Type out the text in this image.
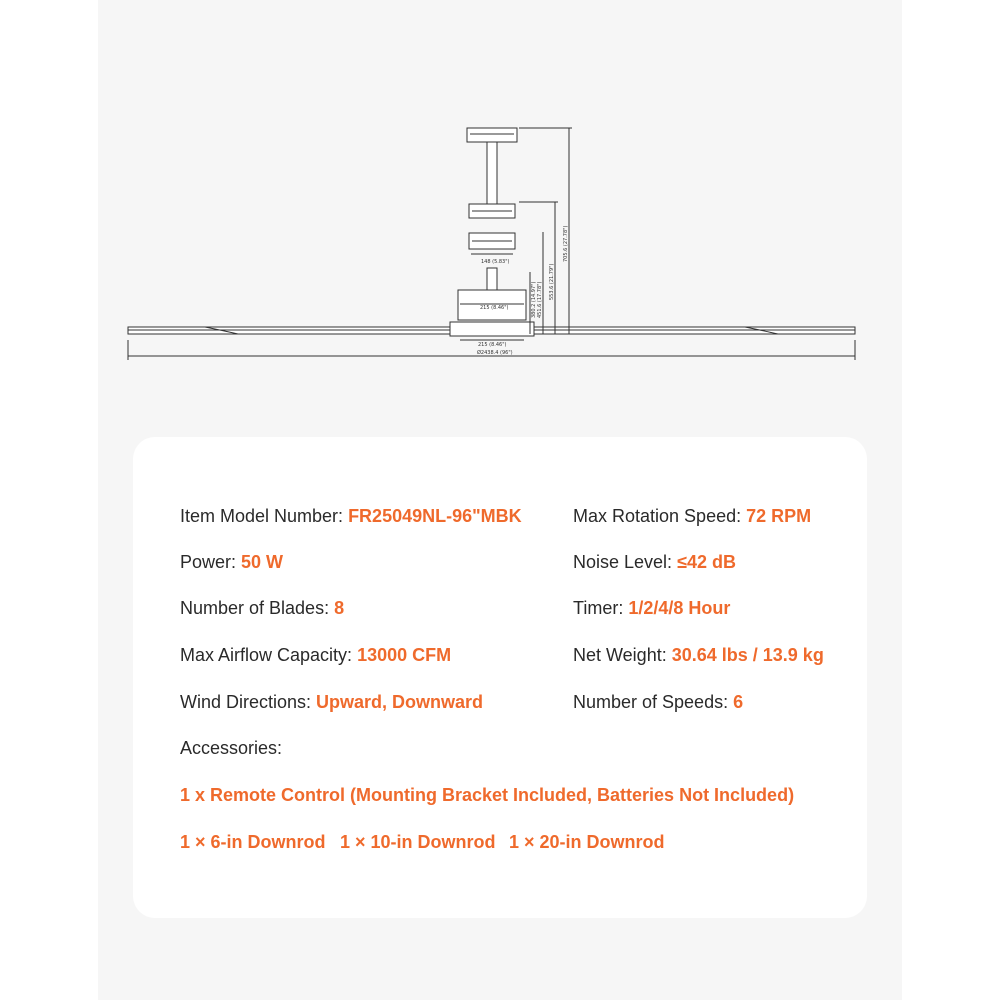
148 (5.83")
215 (8.46")
215 (8.46")
Ø2438.4 (96")
380.2 (14.97") 451.6 (17.78") 553.6 (21.79")
705.6 (27.78")
Item Model Number: FR25049NL-96"MBK
Power: 50 W
Number of Blades: 8
Max Airflow Capacity: 13000 CFM
Wind Directions: Upward, Downward
Max Rotation Speed: 72 RPM
Noise Level: ≤42 dB
Timer: 1/2/4/8 Hour
Net Weight: 30.64 lbs / 13.9 kg
Number of Speeds: 6
Accessories:
1 x Remote Control (Mounting Bracket Included, Batteries Not Included)
1 × 6-in Downrod 1 × 10-in Downrod 1 × 20-in Downrod
